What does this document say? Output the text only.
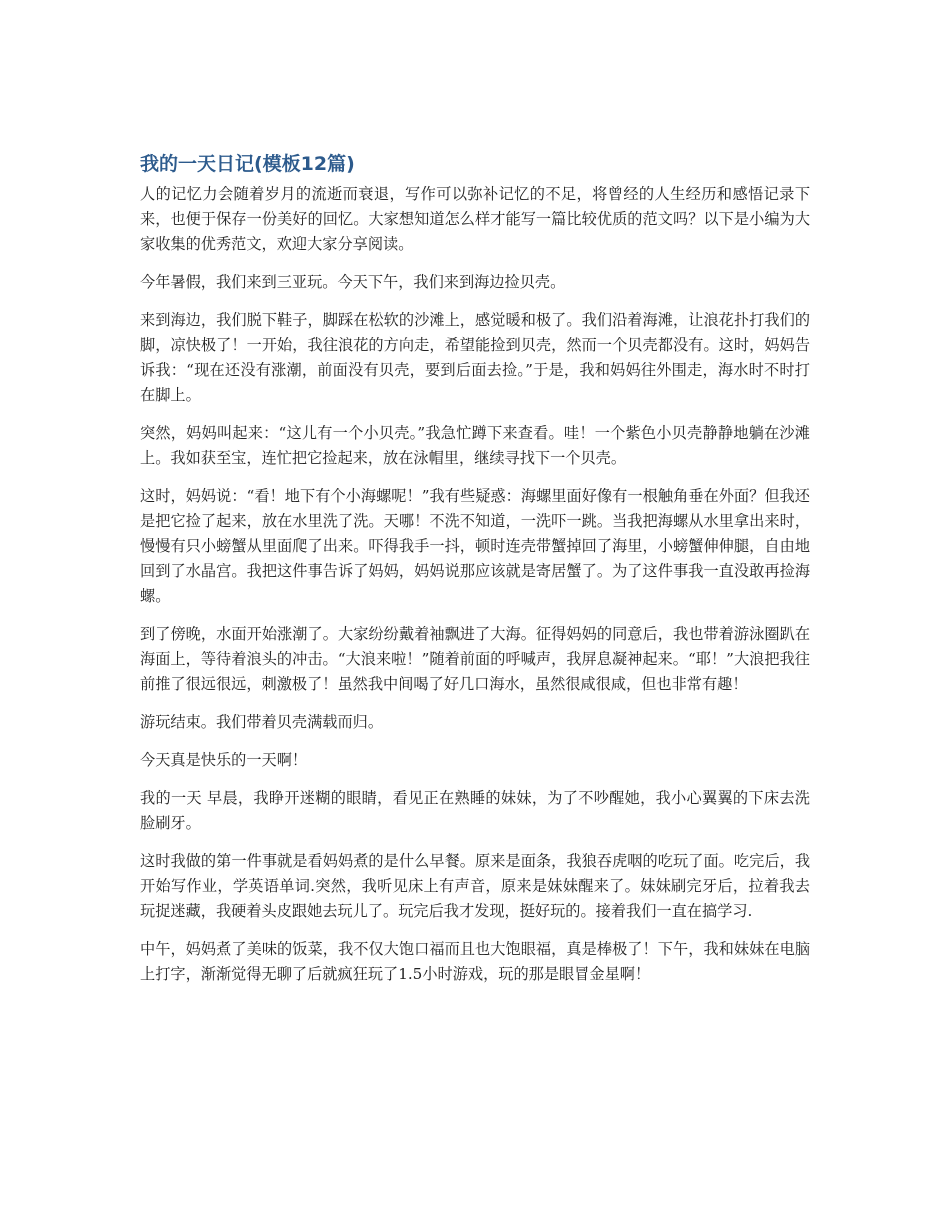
我的一天日记(模板12篇)

人的记忆力会随着岁月的流逝而衰退，写作可以弥补记忆的不足，将曾经的人生经历和感悟记录下来，也便于保存一份美好的回忆。大家想知道怎么样才能写一篇比较优质的范文吗？以下是小编为大家收集的优秀范文，欢迎大家分享阅读。

今年暑假，我们来到三亚玩。今天下午，我们来到海边捡贝壳。

来到海边，我们脱下鞋子，脚踩在松软的沙滩上，感觉暖和极了。我们沿着海滩，让浪花扑打我们的脚，凉快极了！一开始，我往浪花的方向走，希望能捡到贝壳，然而一个贝壳都没有。这时，妈妈告诉我：“现在还没有涨潮，前面没有贝壳，要到后面去捡。”于是，我和妈妈往外围走，海水时不时打在脚上。

突然，妈妈叫起来：“这儿有一个小贝壳。”我急忙蹲下来查看。哇！一个紫色小贝壳静静地躺在沙滩上。我如获至宝，连忙把它捡起来，放在泳帽里，继续寻找下一个贝壳。

这时，妈妈说：“看！地下有个小海螺呢！”我有些疑惑：海螺里面好像有一根触角垂在外面？但我还是把它捡了起来，放在水里洗了洗。天哪！不洗不知道，一洗吓一跳。当我把海螺从水里拿出来时，慢慢有只小螃蟹从里面爬了出来。吓得我手一抖，顿时连壳带蟹掉回了海里，小螃蟹伸伸腿，自由地回到了水晶宫。我把这件事告诉了妈妈，妈妈说那应该就是寄居蟹了。为了这件事我一直没敢再捡海螺。

到了傍晚，水面开始涨潮了。大家纷纷戴着袖飘进了大海。征得妈妈的同意后，我也带着游泳圈趴在海面上，等待着浪头的冲击。“大浪来啦！”随着前面的呼喊声，我屏息凝神起来。“耶！”大浪把我往前推了很远很远，刺激极了！虽然我中间喝了好几口海水，虽然很咸很咸，但也非常有趣！

游玩结束。我们带着贝壳满载而归。

今天真是快乐的一天啊！

我的一天 早晨，我睁开迷糊的眼睛，看见正在熟睡的妹妹，为了不吵醒她，我小心翼翼的下床去洗脸刷牙。

这时我做的第一件事就是看妈妈煮的是什么早餐。原来是面条，我狼吞虎咽的吃玩了面。吃完后，我开始写作业，学英语单词.突然，我听见床上有声音，原来是妹妹醒来了。妹妹刷完牙后，拉着我去玩捉迷藏，我硬着头皮跟她去玩儿了。玩完后我才发现，挺好玩的。接着我们一直在搞学习.

中午，妈妈煮了美味的饭菜，我不仅大饱口福而且也大饱眼福，真是棒极了！下午，我和妹妹在电脑上打字，渐渐觉得无聊了后就疯狂玩了1.5小时游戏，玩的那是眼冒金星啊！
